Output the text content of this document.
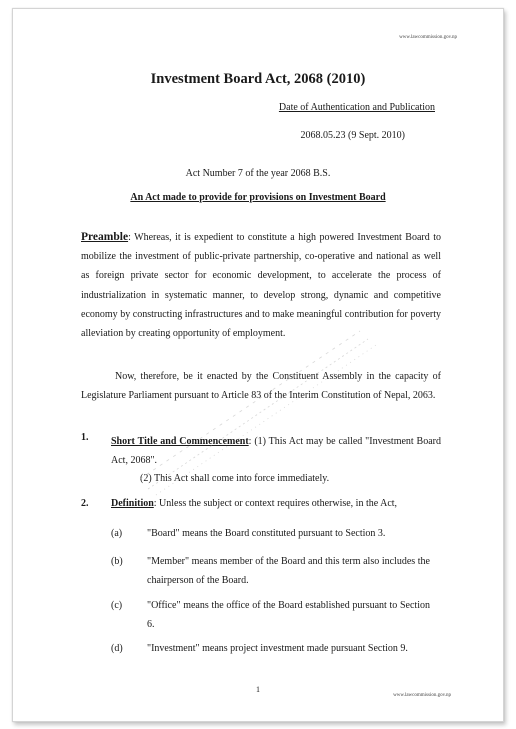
www.lawcommission.gov.np
Investment Board Act, 2068 (2010)
Date of Authentication and Publication
2068.05.23 (9 Sept. 2010)
Act Number 7 of the year 2068 B.S.
An Act made to provide for provisions on Investment Board
Preamble: Whereas, it is expedient to constitute a high powered Investment Board to mobilize the investment of public-private partnership, co-operative and national as well as foreign private sector for economic development, to accelerate the process of industrialization in systematic manner, to develop strong, dynamic and competitive economy by constructing infrastructures and to make meaningful contribution for poverty alleviation by creating opportunity of employment.
Now, therefore, be it enacted by the Constituent Assembly in the capacity of Legislature Parliament pursuant to Article 83 of the Interim Constitution of Nepal, 2063.
1. Short Title and Commencement: (1) This Act may be called "Investment Board Act, 2068".
(2) This Act shall come into force immediately.
2. Definition: Unless the subject or context requires otherwise, in the Act,
(a) "Board" means the Board constituted pursuant to Section 3.
(b) "Member" means member of the Board and this term also includes the chairperson of the Board.
(c) "Office" means the office of the Board established pursuant to Section 6.
(d) "Investment" means project investment made pursuant Section 9.
1
www.lawcommission.gov.np
